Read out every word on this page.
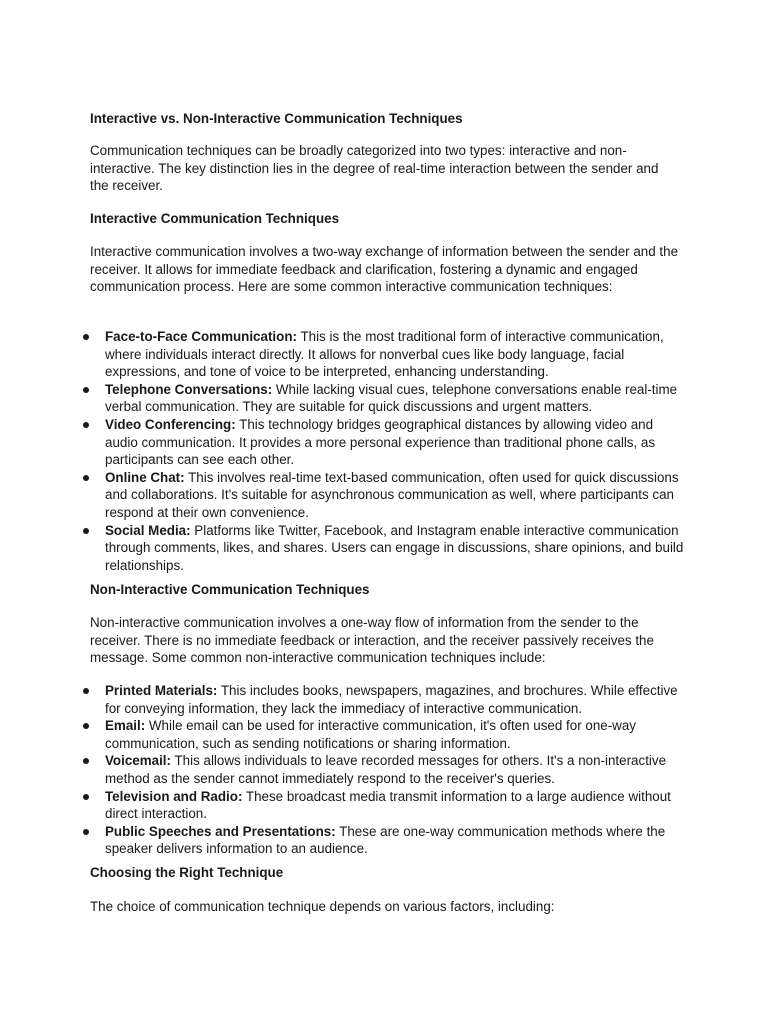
Interactive vs. Non-Interactive Communication Techniques

Communication techniques can be broadly categorized into two types: interactive and non-interactive. The key distinction lies in the degree of real-time interaction between the sender and the receiver.

Interactive Communication Techniques

Interactive communication involves a two-way exchange of information between the sender and the receiver. It allows for immediate feedback and clarification, fostering a dynamic and engaged communication process. Here are some common interactive communication techniques:

Face-to-Face Communication: This is the most traditional form of interactive communication, where individuals interact directly. It allows for nonverbal cues like body language, facial expressions, and tone of voice to be interpreted, enhancing understanding.
Telephone Conversations: While lacking visual cues, telephone conversations enable real-time verbal communication. They are suitable for quick discussions and urgent matters.
Video Conferencing: This technology bridges geographical distances by allowing video and audio communication. It provides a more personal experience than traditional phone calls, as participants can see each other.
Online Chat: This involves real-time text-based communication, often used for quick discussions and collaborations. It's suitable for asynchronous communication as well, where participants can respond at their own convenience.
Social Media: Platforms like Twitter, Facebook, and Instagram enable interactive communication through comments, likes, and shares. Users can engage in discussions, share opinions, and build relationships.

Non-Interactive Communication Techniques

Non-interactive communication involves a one-way flow of information from the sender to the receiver. There is no immediate feedback or interaction, and the receiver passively receives the message. Some common non-interactive communication techniques include:

Printed Materials: This includes books, newspapers, magazines, and brochures. While effective for conveying information, they lack the immediacy of interactive communication.
Email: While email can be used for interactive communication, it's often used for one-way communication, such as sending notifications or sharing information.
Voicemail: This allows individuals to leave recorded messages for others. It's a non-interactive method as the sender cannot immediately respond to the receiver's queries.
Television and Radio: These broadcast media transmit information to a large audience without direct interaction.
Public Speeches and Presentations: These are one-way communication methods where the speaker delivers information to an audience.

Choosing the Right Technique

The choice of communication technique depends on various factors, including:
